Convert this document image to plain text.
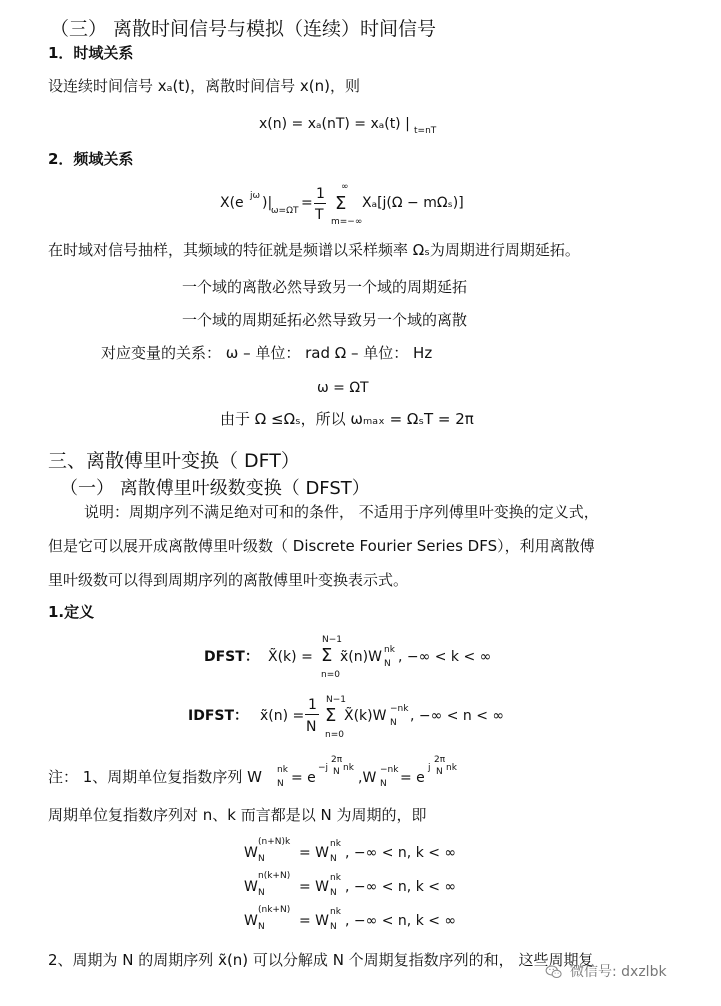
（三） 离散时间信号与模拟（连续）时间信号
1．时域关系
设连续时间信号 xₐ(t)，离散时间信号 x(n)，则
x(n) = xₐ(nT) = xₐ(t) | t=nT
2．频域关系
X(e jω )|
ω=ΩT =
1
T
∞
Σ
m=−∞
Xₐ[j(Ω − mΩₛ)]
在时域对信号抽样，其频域的特征就是频谱以采样频率 Ωₛ为周期进行周期延拓。
一个域的离散必然导致另一个域的周期延拓
一个域的周期延拓必然导致另一个域的离散
对应变量的关系： ω – 单位： rad Ω – 单位： Hz
ω = ΩT
由于 Ω ≤Ωₛ，所以 ωₘₐₓ = ΩₛT = 2π
三、离散傅里叶变换（ DFT）
（一） 离散傅里叶级数变换（ DFST）
说明：周期序列不满足绝对可和的条件， 不适用于序列傅里叶变换的定义式，
但是它可以展开成离散傅里叶级数（ Discrete Fourier Series DFS），利用离散傅
里叶级数可以得到周期序列的离散傅里叶变换表示式。
1.定义
DFST： X̃(k) =
N−1
Σ
n=0
x̃(n)W nk
N , −∞ < k < ∞
IDFST： x̃(n) =
1
N
N−1
Σ
n=0
X̃(k)W −nk
N , −∞ < n < ∞
注： 1、周期单位复指数序列 W nk
N = e
−j
2π
N nk
,W −nk
N = e
j
2π
N nk
周期单位复指数序列对 n、k 而言都是以 N 为周期的，即
W
(n+N)k
N = W
nk
N , −∞ < n, k < ∞
W
n(k+N)
N = W
nk
N , −∞ < n, k < ∞
W
(nk+N)
N = W
nk
N , −∞ < n, k < ∞
2、周期为 N 的周期序列 x̃(n) 可以分解成 N 个周期复指数序列的和， 这些周期复
微信号: dxzlbk
